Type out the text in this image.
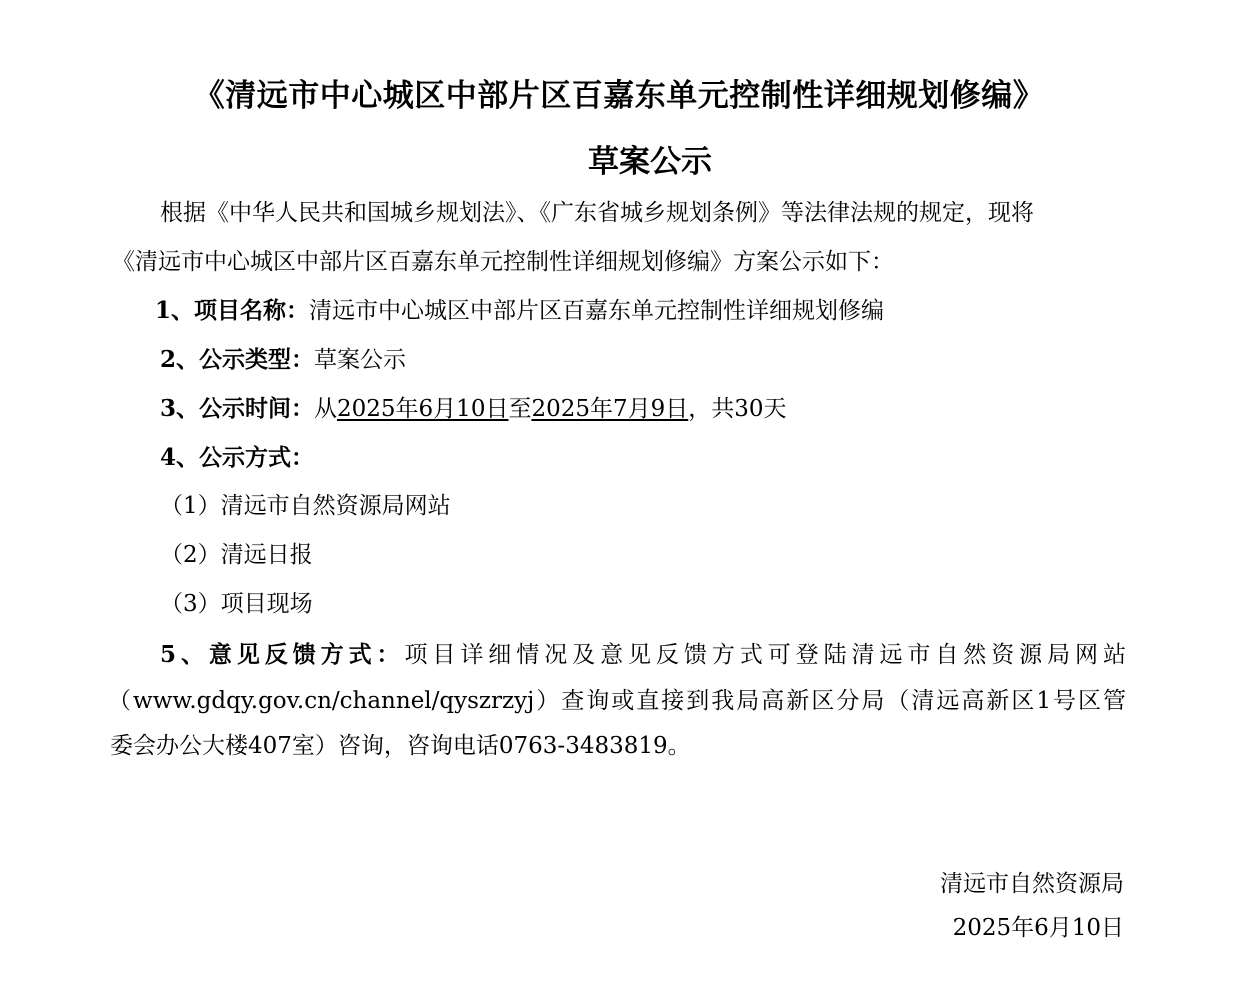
《清远市中心城区中部片区百嘉东单元控制性详细规划修编》
草案公示
根据《中华人民共和国城乡规划法》、《广东省城乡规划条例》等法律法规的规定，现将
《清远市中心城区中部片区百嘉东单元控制性详细规划修编》方案公示如下：
1、项目名称：清远市中心城区中部片区百嘉东单元控制性详细规划修编
2、公示类型：草案公示
3、公示时间：从2025年6月10日至2025年7月9日，共30天
4、公示方式：
（1）清远市自然资源局网站
（2）清远日报
（3）项目现场
5、意见反馈方式：项目详细情况及意见反馈方式可登陆清远市自然资源局网站
（www.gdqy.gov.cn/channel/qyszrzyj）查询或直接到我局高新区分局（清远高新区1号区管
委会办公大楼407室）咨询，咨询电话0763-3483819。
清远市自然资源局
2025年6月10日
